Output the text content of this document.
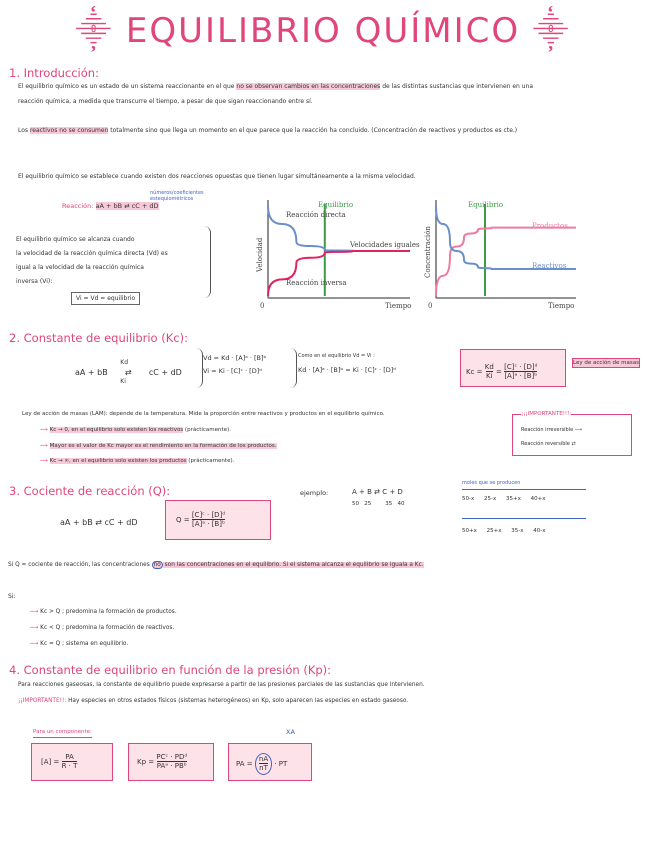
⸎ EQUILIBRIO QUÍMICO ⸎
1. Introducción:
El equilibrio químico es un estado de un sistema reaccionante en el que no se observan cambios en las concentraciones de las distintas sustancias que intervienen en una
reacción química, a medida que transcurre el tiempo, a pesar de que sigan reaccionando entre sí.
Los reactivos no se consumen totalmente sino que llega un momento en el que parece que la reacción ha concluido. (Concentración de reactivos y productos es cte.)
El equilibrio químico se establece cuando existen dos reacciones opuestas que tienen lugar simultáneamente a la misma velocidad.
Reacción: aA + bB ⇄ cC + dD
números/coeficientes
estequiométricos
El equilibrio químico se alcanza cuando
la velocidad de la reacción química directa (Vd) es
igual a la velocidad de la reacción química
inversa (Vi):
Vi = Vd = equilibrio
Equilibrio
Velocidad
Tiempo
0
Reacción directa
Reacción inversa
Velocidades iguales
Equilibrio
Concentración
Tiempo
0
Productos
Reactivos
2. Constante de equilibrio (Kc):
aA + bB
Kd
⇄
Ki
cC + dD
Vd = Kd · [A]ᵃ · [B]ᵇ
Vi = Ki · [C]ᶜ · [D]ᵈ
Como en el equilibrio Vd = Vi :
Kd · [A]ᵃ · [B]ᵇ = Ki · [C]ᶜ · [D]ᵈ	$Kc = \frac{Kd}{Ki} = \frac{\text{[C]ᶜ · [D]ᵈ}}{\text{[A]ᵃ · [B]ᵇ}}$	Ley de acción de masas
Ley de acción de masas (LAM): depende de la temperatura. Mide la proporción entre reactivos y productos en el equilibrio químico.
⟿ Kc → 0, en el equilibrio solo existen los reactivos (prácticamente).
⟿ Mayor es el valor de Kc mayor es el rendimiento en la formación de los productos.
⟿ Kc → ∞, en el equilibrio solo existen los productos (prácticamente).
¡¡¡IMPORTANTE!!!:
Reacción irreversible ⟶
Reacción reversible ⇄
3. Cociente de reacción (Q):
aA + bB ⇄ cC + dD	$Q = \frac{\text{[C]ᶜ · [D]ᵈ}}{\text{[A]ᵃ · [B]ᵇ}}$
ejemplo:	A + B ⇄ C + D
50   25        35   40
moles que se producen
50-x 25-x 35+x 40+x
50+x 25+x 35-x 40-x
Si Q = cociente de reacción, las concentraciones no son las concentraciones en el equilibrio. Si el sistema alcanza el equilibrio se iguala a Kc.
Si:
⟿ Kc > Q ; predomina la formación de productos.
⟿ Kc < Q ; predomina la formación de reactivos.
⟿ Kc = Q ; sistema en equilibrio.
4. Constante de equilibrio en función de la presión (Kp):
Para reacciones gaseosas, la constante de equilibrio puede expresarse a partir de las presiones parciales de las sustancias que intervienen.
¡¡IMPORTANTE!!: Hay especies en otros estados físicos (sistemas heterogéneos) en Kp, solo aparecen las especies en estado gaseoso.
Para un componente:
$[A] = \frac{PA}{R \cdot T}$	Kp = PCᶜ · PDᵈ
PAᵃ · PBᵇ	PA = $\frac{nA}{nT}$ · PT
XA
